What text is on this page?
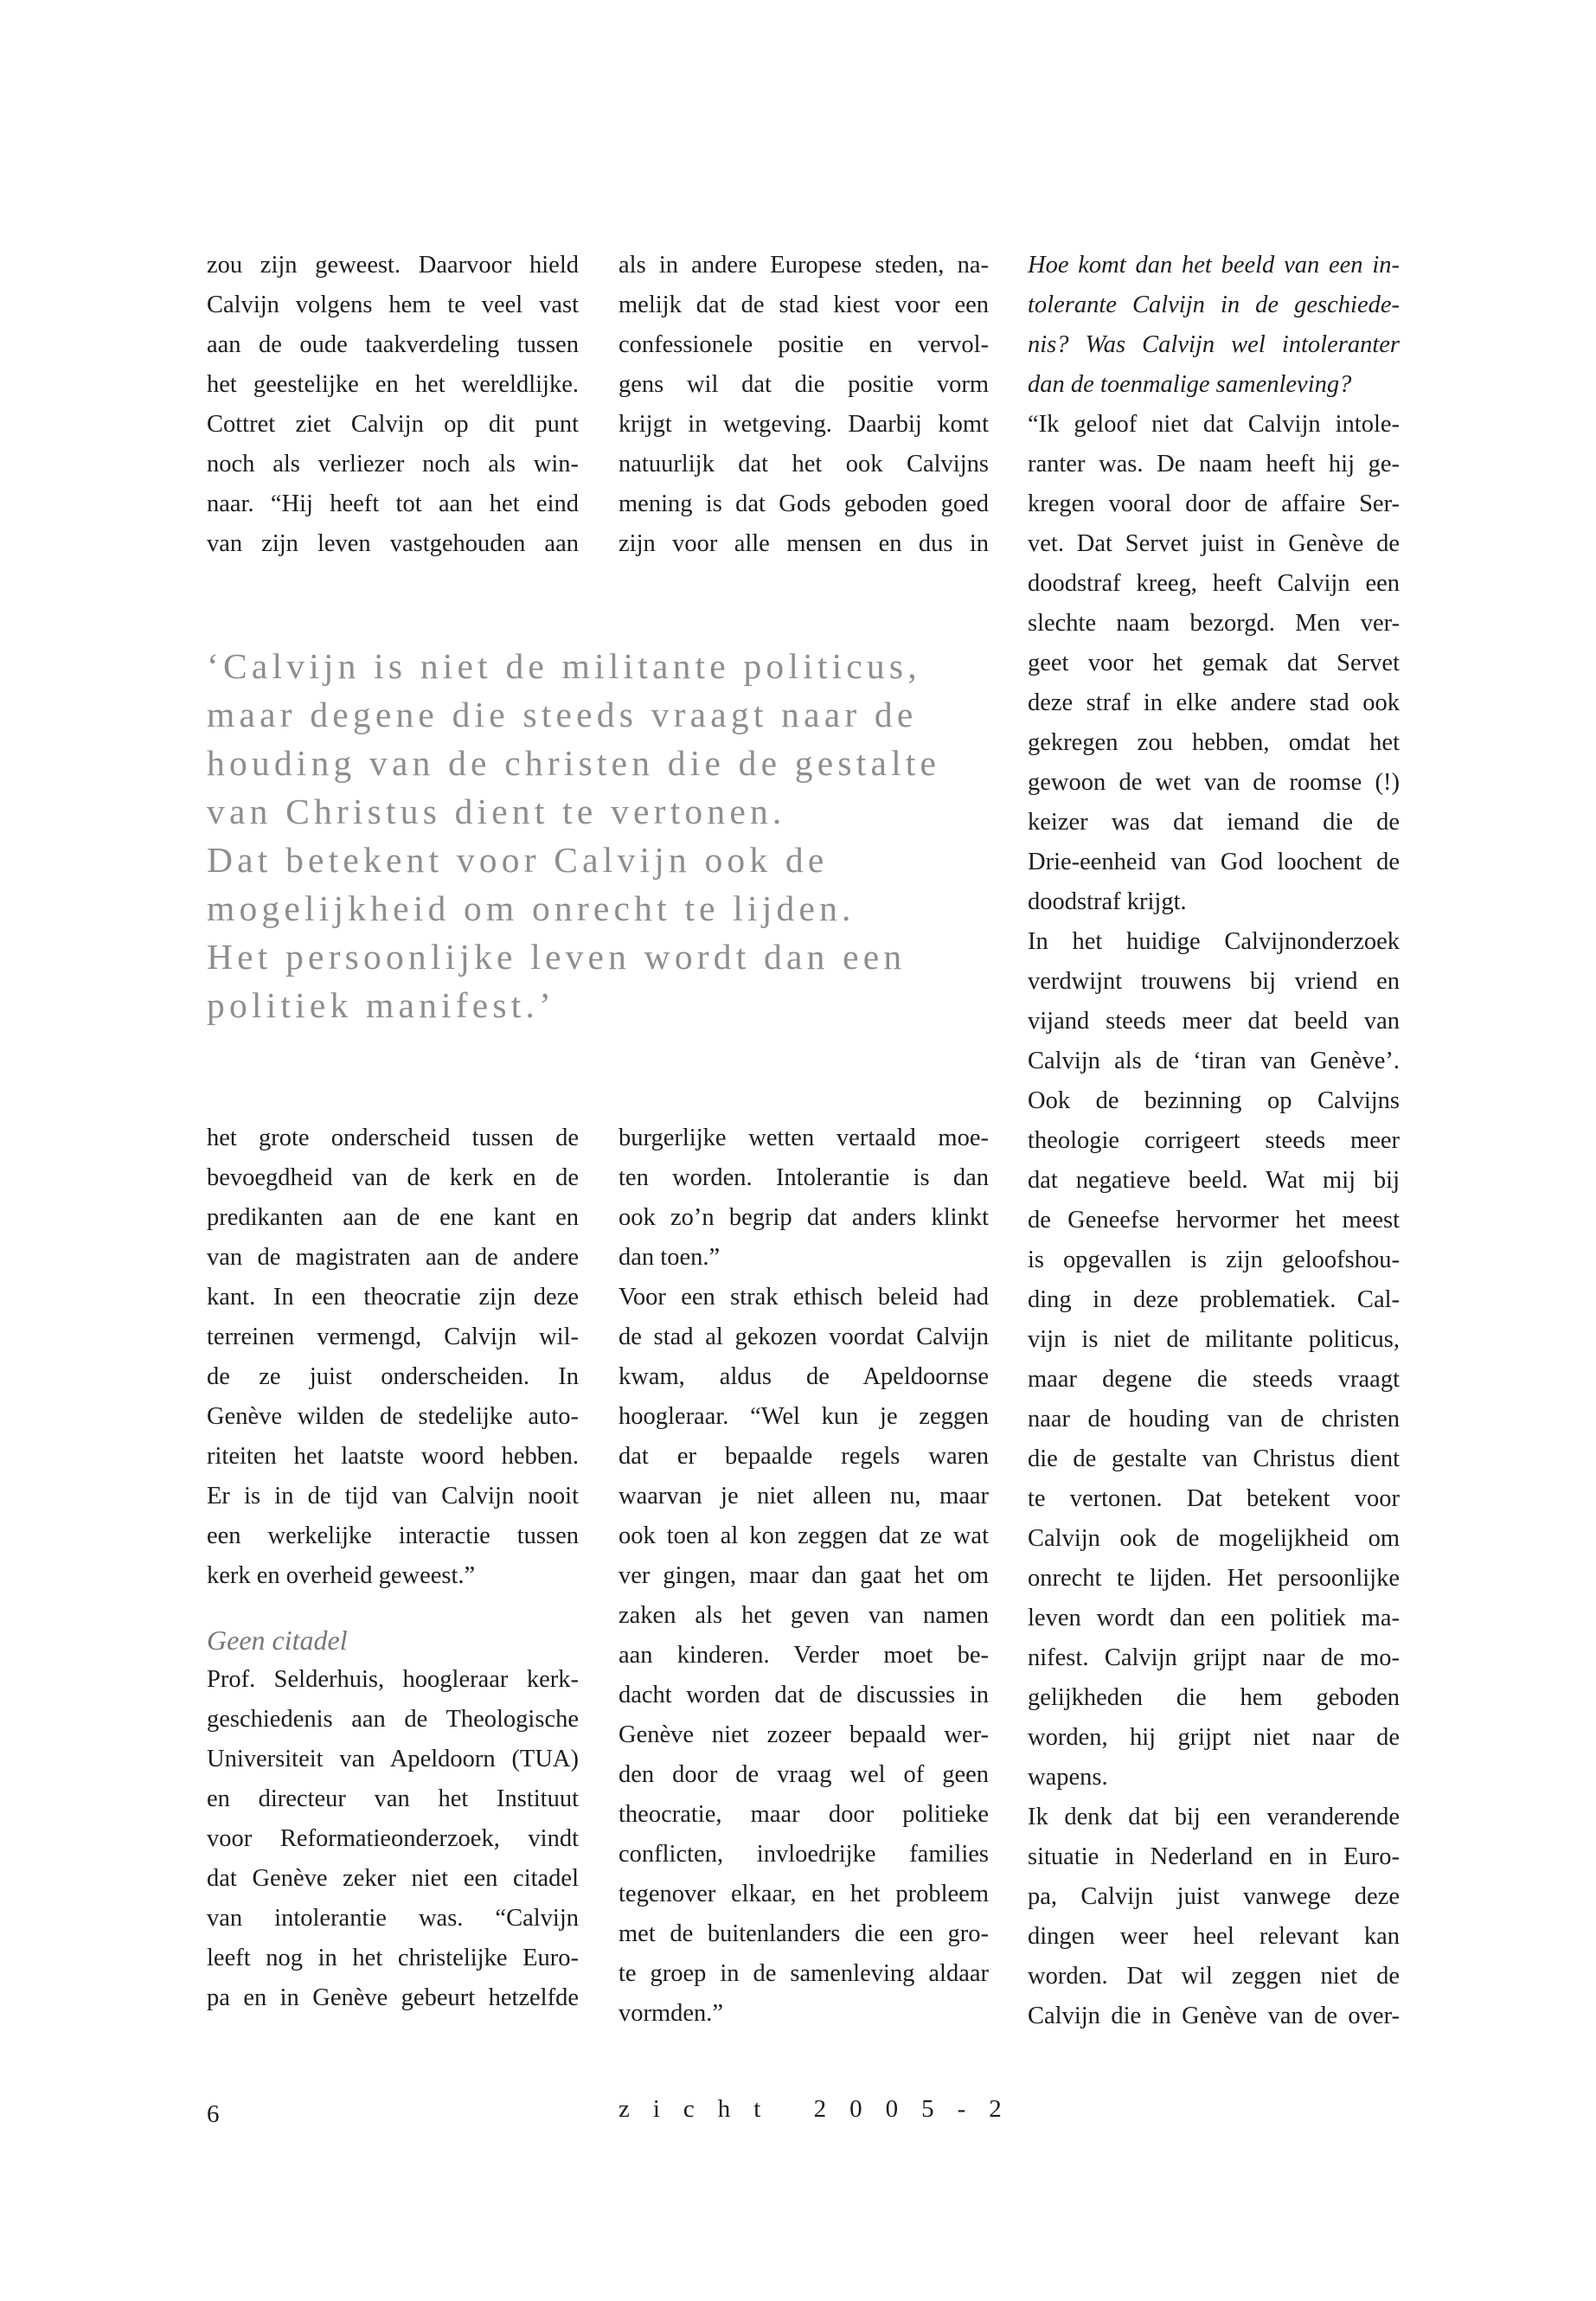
zou zijn geweest. Daarvoor hield
Calvijn volgens hem te veel vast
aan de oude taakverdeling tussen
het geestelijke en het wereldlijke.
Cottret ziet Calvijn op dit punt
noch als verliezer noch als win-
naar. “Hij heeft tot aan het eind
van zijn leven vastgehouden aan
als in andere Europese steden, na-
melijk dat de stad kiest voor een
confessionele positie en vervol-
gens wil dat die positie vorm
krijgt in wetgeving. Daarbij komt
natuurlijk dat het ook Calvijns
mening is dat Gods geboden goed
zijn voor alle mensen en dus in
‘Calvijn is niet de militante politicus,
maar degene die steeds vraagt naar de
houding van de christen die de gestalte
van Christus dient te vertonen.
Dat betekent voor Calvijn ook de
mogelijkheid om onrecht te lijden.
Het persoonlijke leven wordt dan een
politiek manifest.’
het grote onderscheid tussen de
bevoegdheid van de kerk en de
predikanten aan de ene kant en
van de magistraten aan de andere
kant. In een theocratie zijn deze
terreinen vermengd, Calvijn wil-
de ze juist onderscheiden. In
Genève wilden de stedelijke auto-
riteiten het laatste woord hebben.
Er is in de tijd van Calvijn nooit
een werkelijke interactie tussen
kerk en overheid geweest.”
Geen citadel
Prof. Selderhuis, hoogleraar kerk-
geschiedenis aan de Theologische
Universiteit van Apeldoorn (TUA)
en directeur van het Instituut
voor Reformatieonderzoek, vindt
dat Genève zeker niet een citadel
van intolerantie was. “Calvijn
leeft nog in het christelijke Euro-
pa en in Genève gebeurt hetzelfde
burgerlijke wetten vertaald moe-
ten worden. Intolerantie is dan
ook zo’n begrip dat anders klinkt
dan toen.”
Voor een strak ethisch beleid had
de stad al gekozen voordat Calvijn
kwam, aldus de Apeldoornse
hoogleraar. “Wel kun je zeggen
dat er bepaalde regels waren
waarvan je niet alleen nu, maar
ook toen al kon zeggen dat ze wat
ver gingen, maar dan gaat het om
zaken als het geven van namen
aan kinderen. Verder moet be-
dacht worden dat de discussies in
Genève niet zozeer bepaald wer-
den door de vraag wel of geen
theocratie, maar door politieke
conflicten, invloedrijke families
tegenover elkaar, en het probleem
met de buitenlanders die een gro-
te groep in de samenleving aldaar
vormden.”
Hoe komt dan het beeld van een in-
tolerante Calvijn in de geschiede-
nis? Was Calvijn wel intoleranter
dan de toenmalige samenleving?
“Ik geloof niet dat Calvijn intole-
ranter was. De naam heeft hij ge-
kregen vooral door de affaire Ser-
vet. Dat Servet juist in Genève de
doodstraf kreeg, heeft Calvijn een
slechte naam bezorgd. Men ver-
geet voor het gemak dat Servet
deze straf in elke andere stad ook
gekregen zou hebben, omdat het
gewoon de wet van de roomse (!)
keizer was dat iemand die de
Drie-eenheid van God loochent de
doodstraf krijgt.
In het huidige Calvijnonderzoek
verdwijnt trouwens bij vriend en
vijand steeds meer dat beeld van
Calvijn als de ‘tiran van Genève’.
Ook de bezinning op Calvijns
theologie corrigeert steeds meer
dat negatieve beeld. Wat mij bij
de Geneefse hervormer het meest
is opgevallen is zijn geloofshou-
ding in deze problematiek. Cal-
vijn is niet de militante politicus,
maar degene die steeds vraagt
naar de houding van de christen
die de gestalte van Christus dient
te vertonen. Dat betekent voor
Calvijn ook de mogelijkheid om
onrecht te lijden. Het persoonlijke
leven wordt dan een politiek ma-
nifest. Calvijn grijpt naar de mo-
gelijkheden die hem geboden
worden, hij grijpt niet naar de
wapens.
Ik denk dat bij een veranderende
situatie in Nederland en in Euro-
pa, Calvijn juist vanwege deze
dingen weer heel relevant kan
worden. Dat wil zeggen niet de
Calvijn die in Genève van de over-
6	zicht 2005-2
